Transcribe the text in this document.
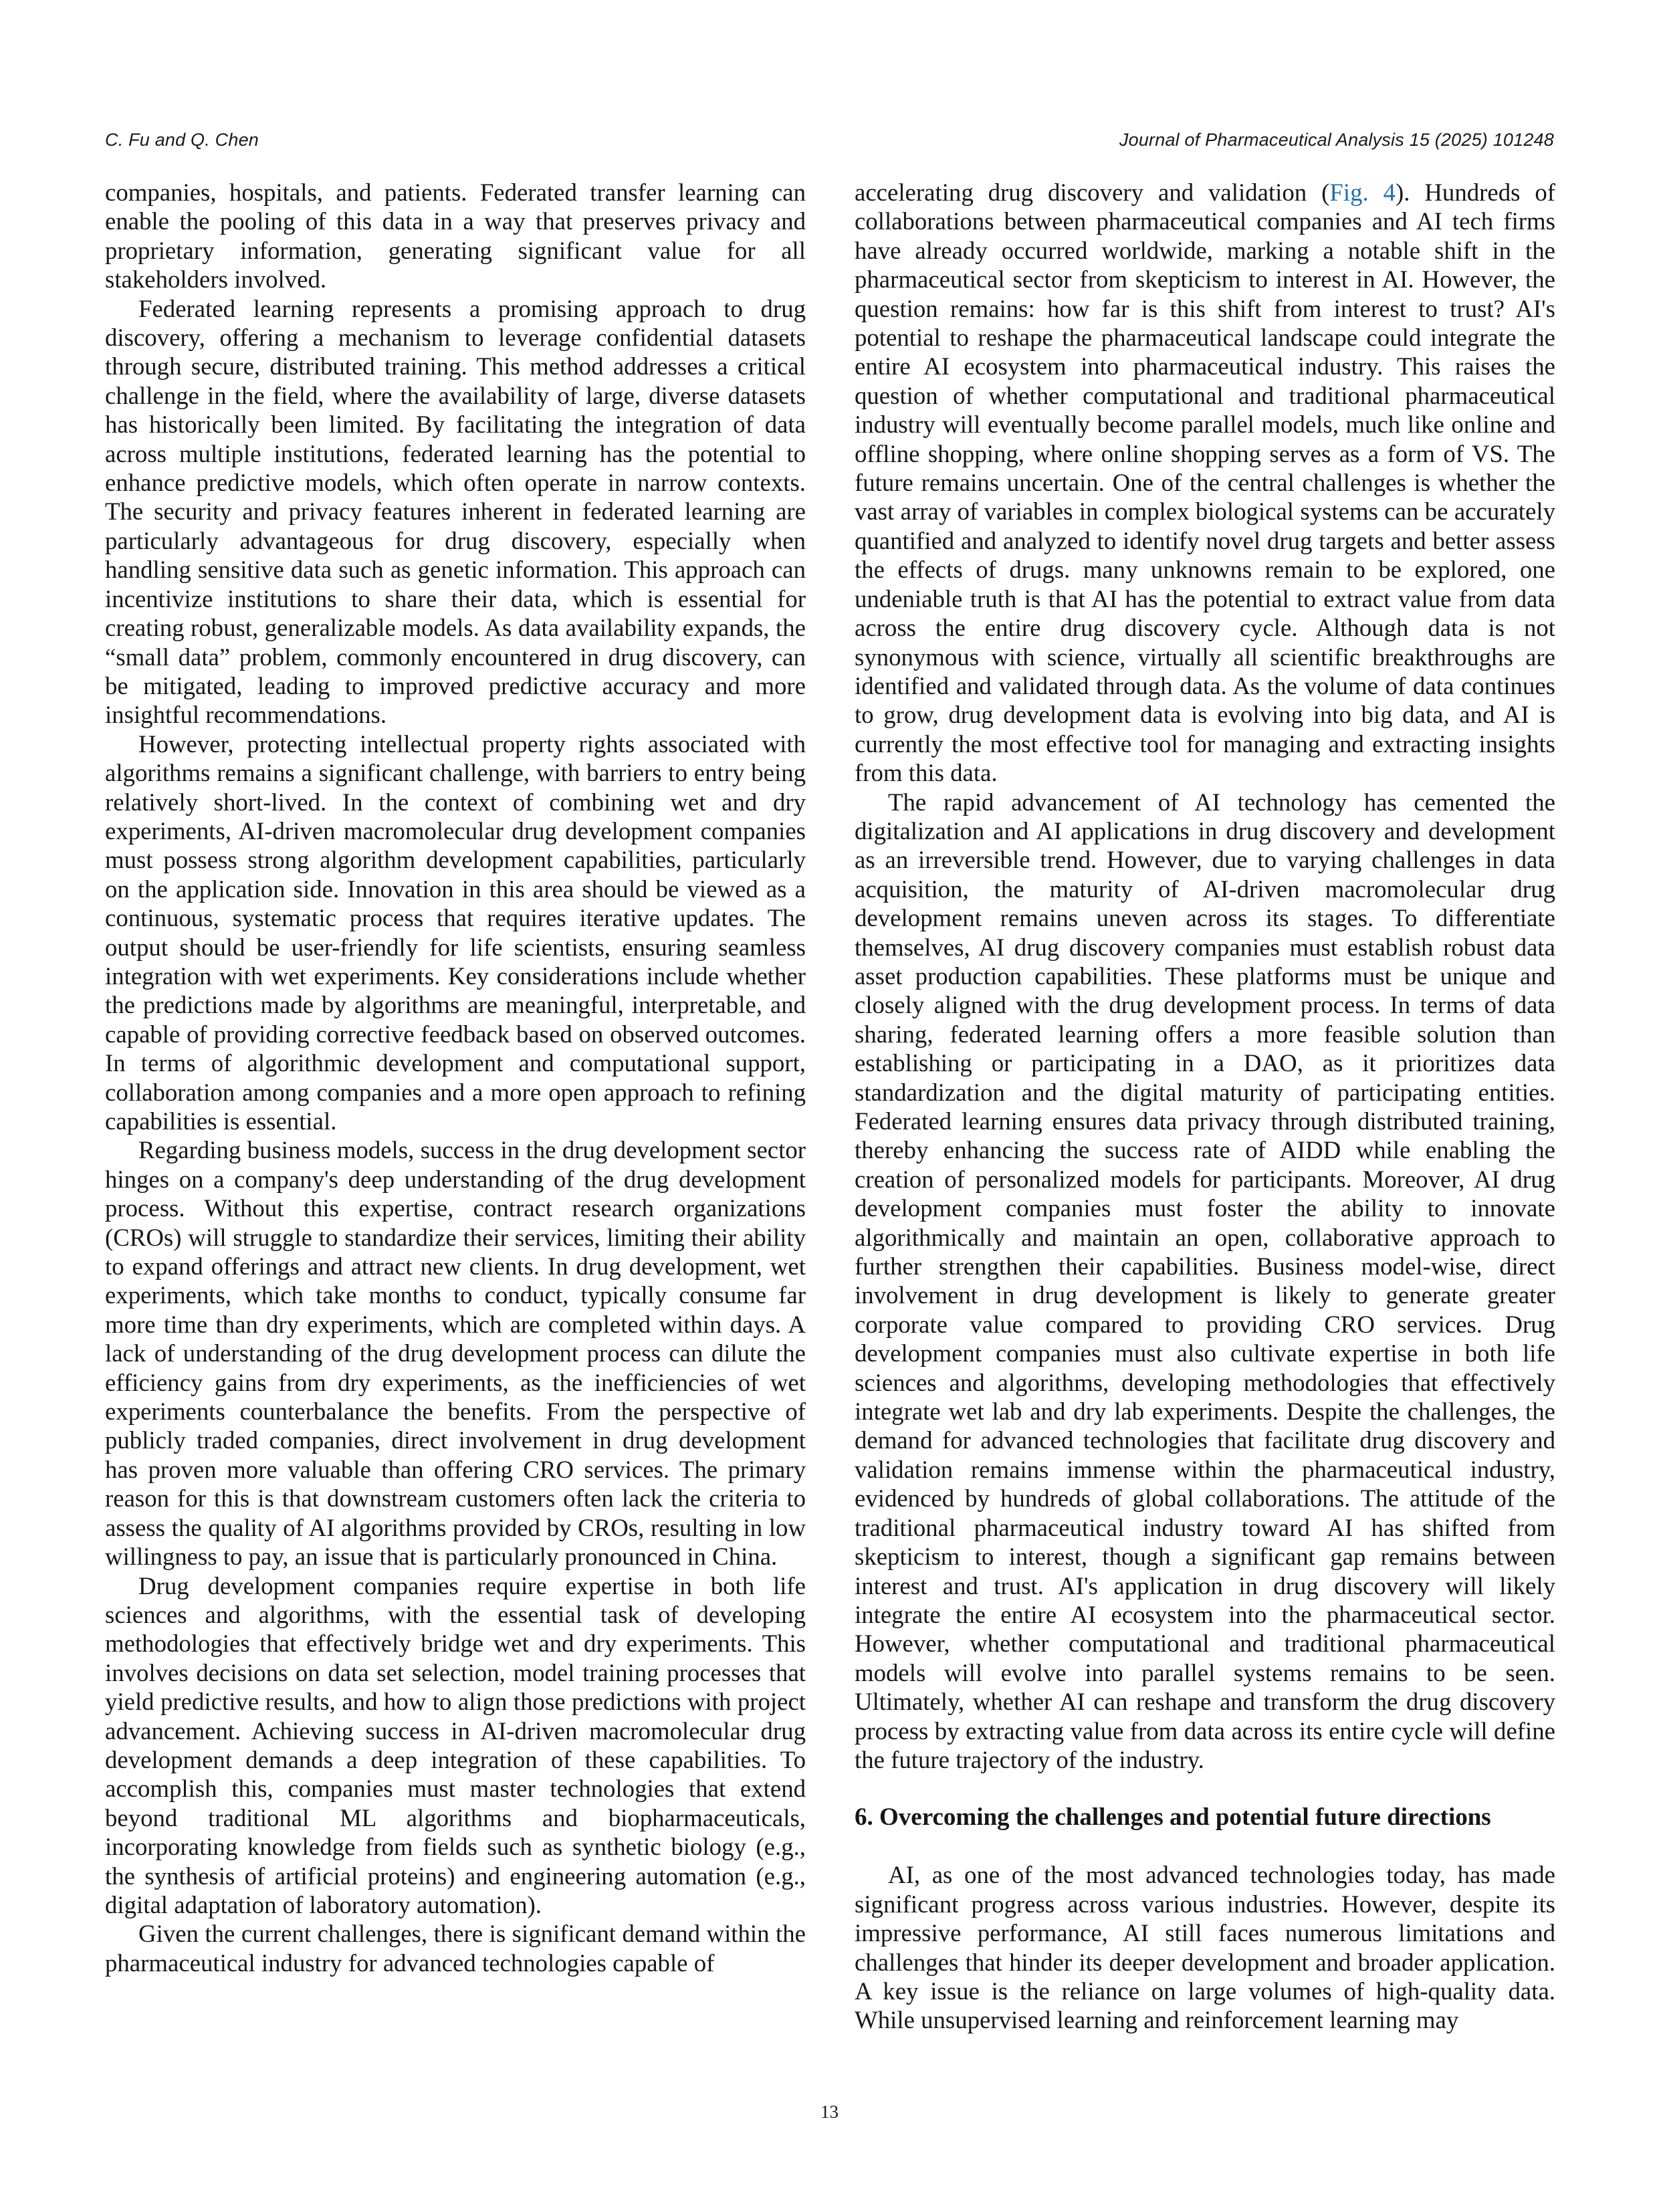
C. Fu and Q. Chen	Journal of Pharmaceutical Analysis 15 (2025) 101248

companies, hospitals, and patients. Federated transfer learning can enable the pooling of this data in a way that preserves privacy and proprietary information, generating significant value for all stakeholders involved.

Federated learning represents a promising approach to drug discovery, offering a mechanism to leverage confidential datasets through secure, distributed training. This method addresses a critical challenge in the field, where the availability of large, diverse datasets has historically been limited. By facilitating the integration of data across multiple institutions, federated learning has the potential to enhance predictive models, which often operate in narrow contexts. The security and privacy features inherent in federated learning are particularly advantageous for drug discovery, especially when handling sensitive data such as genetic information. This approach can incentivize institutions to share their data, which is essential for creating robust, generalizable models. As data availability expands, the “small data” problem, commonly encountered in drug discovery, can be mitigated, leading to improved predictive accuracy and more insightful recommendations.

However, protecting intellectual property rights associated with algorithms remains a significant challenge, with barriers to entry being relatively short-lived. In the context of combining wet and dry experiments, AI-driven macromolecular drug development companies must possess strong algorithm development capabilities, particularly on the application side. Innovation in this area should be viewed as a continuous, systematic process that requires iterative updates. The output should be user-friendly for life scientists, ensuring seamless integration with wet experiments. Key considerations include whether the predictions made by algorithms are meaningful, interpretable, and capable of providing corrective feedback based on observed outcomes. In terms of algorithmic development and computational support, collaboration among companies and a more open approach to refining capabilities is essential.

Regarding business models, success in the drug development sector hinges on a company's deep understanding of the drug development process. Without this expertise, contract research organizations (CROs) will struggle to standardize their services, limiting their ability to expand offerings and attract new clients. In drug development, wet experiments, which take months to conduct, typically consume far more time than dry experiments, which are completed within days. A lack of understanding of the drug development process can dilute the efficiency gains from dry experiments, as the inefficiencies of wet experiments counterbalance the benefits. From the perspective of publicly traded companies, direct involvement in drug development has proven more valuable than offering CRO services. The primary reason for this is that downstream customers often lack the criteria to assess the quality of AI algorithms provided by CROs, resulting in low willingness to pay, an issue that is particularly pronounced in China.

Drug development companies require expertise in both life sciences and algorithms, with the essential task of developing methodologies that effectively bridge wet and dry experiments. This involves decisions on data set selection, model training processes that yield predictive results, and how to align those predictions with project advancement. Achieving success in AI-driven macromolecular drug development demands a deep integration of these capabilities. To accomplish this, companies must master technologies that extend beyond traditional ML algorithms and biopharmaceuticals, incorporating knowledge from fields such as synthetic biology (e.g., the synthesis of artificial proteins) and engineering automation (e.g., digital adaptation of laboratory automation).

Given the current challenges, there is significant demand within the pharmaceutical industry for advanced technologies capable of

accelerating drug discovery and validation (Fig. 4). Hundreds of collaborations between pharmaceutical companies and AI tech firms have already occurred worldwide, marking a notable shift in the pharmaceutical sector from skepticism to interest in AI. However, the question remains: how far is this shift from interest to trust? AI's potential to reshape the pharmaceutical landscape could integrate the entire AI ecosystem into pharmaceutical industry. This raises the question of whether computational and traditional pharmaceutical industry will eventually become parallel models, much like online and offline shopping, where online shopping serves as a form of VS. The future remains uncertain. One of the central challenges is whether the vast array of variables in complex biological systems can be accurately quantified and analyzed to identify novel drug targets and better assess the effects of drugs. many unknowns remain to be explored, one undeniable truth is that AI has the potential to extract value from data across the entire drug discovery cycle. Although data is not synonymous with science, virtually all scientific breakthroughs are identified and validated through data. As the volume of data continues to grow, drug development data is evolving into big data, and AI is currently the most effective tool for managing and extracting insights from this data.

The rapid advancement of AI technology has cemented the digitalization and AI applications in drug discovery and development as an irreversible trend. However, due to varying challenges in data acquisition, the maturity of AI-driven macromolecular drug development remains uneven across its stages. To differentiate themselves, AI drug discovery companies must establish robust data asset production capabilities. These platforms must be unique and closely aligned with the drug development process. In terms of data sharing, federated learning offers a more feasible solution than establishing or participating in a DAO, as it prioritizes data standardization and the digital maturity of participating entities. Federated learning ensures data privacy through distributed training, thereby enhancing the success rate of AIDD while enabling the creation of personalized models for participants. Moreover, AI drug development companies must foster the ability to innovate algorithmically and maintain an open, collaborative approach to further strengthen their capabilities. Business model-wise, direct involvement in drug development is likely to generate greater corporate value compared to providing CRO services. Drug development companies must also cultivate expertise in both life sciences and algorithms, developing methodologies that effectively integrate wet lab and dry lab experiments. Despite the challenges, the demand for advanced technologies that facilitate drug discovery and validation remains immense within the pharmaceutical industry, evidenced by hundreds of global collaborations. The attitude of the traditional pharmaceutical industry toward AI has shifted from skepticism to interest, though a significant gap remains between interest and trust. AI's application in drug discovery will likely integrate the entire AI ecosystem into the pharmaceutical sector. However, whether computational and traditional pharmaceutical models will evolve into parallel systems remains to be seen. Ultimately, whether AI can reshape and transform the drug discovery process by extracting value from data across its entire cycle will define the future trajectory of the industry.

6. Overcoming the challenges and potential future directions

AI, as one of the most advanced technologies today, has made significant progress across various industries. However, despite its impressive performance, AI still faces numerous limitations and challenges that hinder its deeper development and broader application. A key issue is the reliance on large volumes of high-quality data. While unsupervised learning and reinforcement learning may

13
